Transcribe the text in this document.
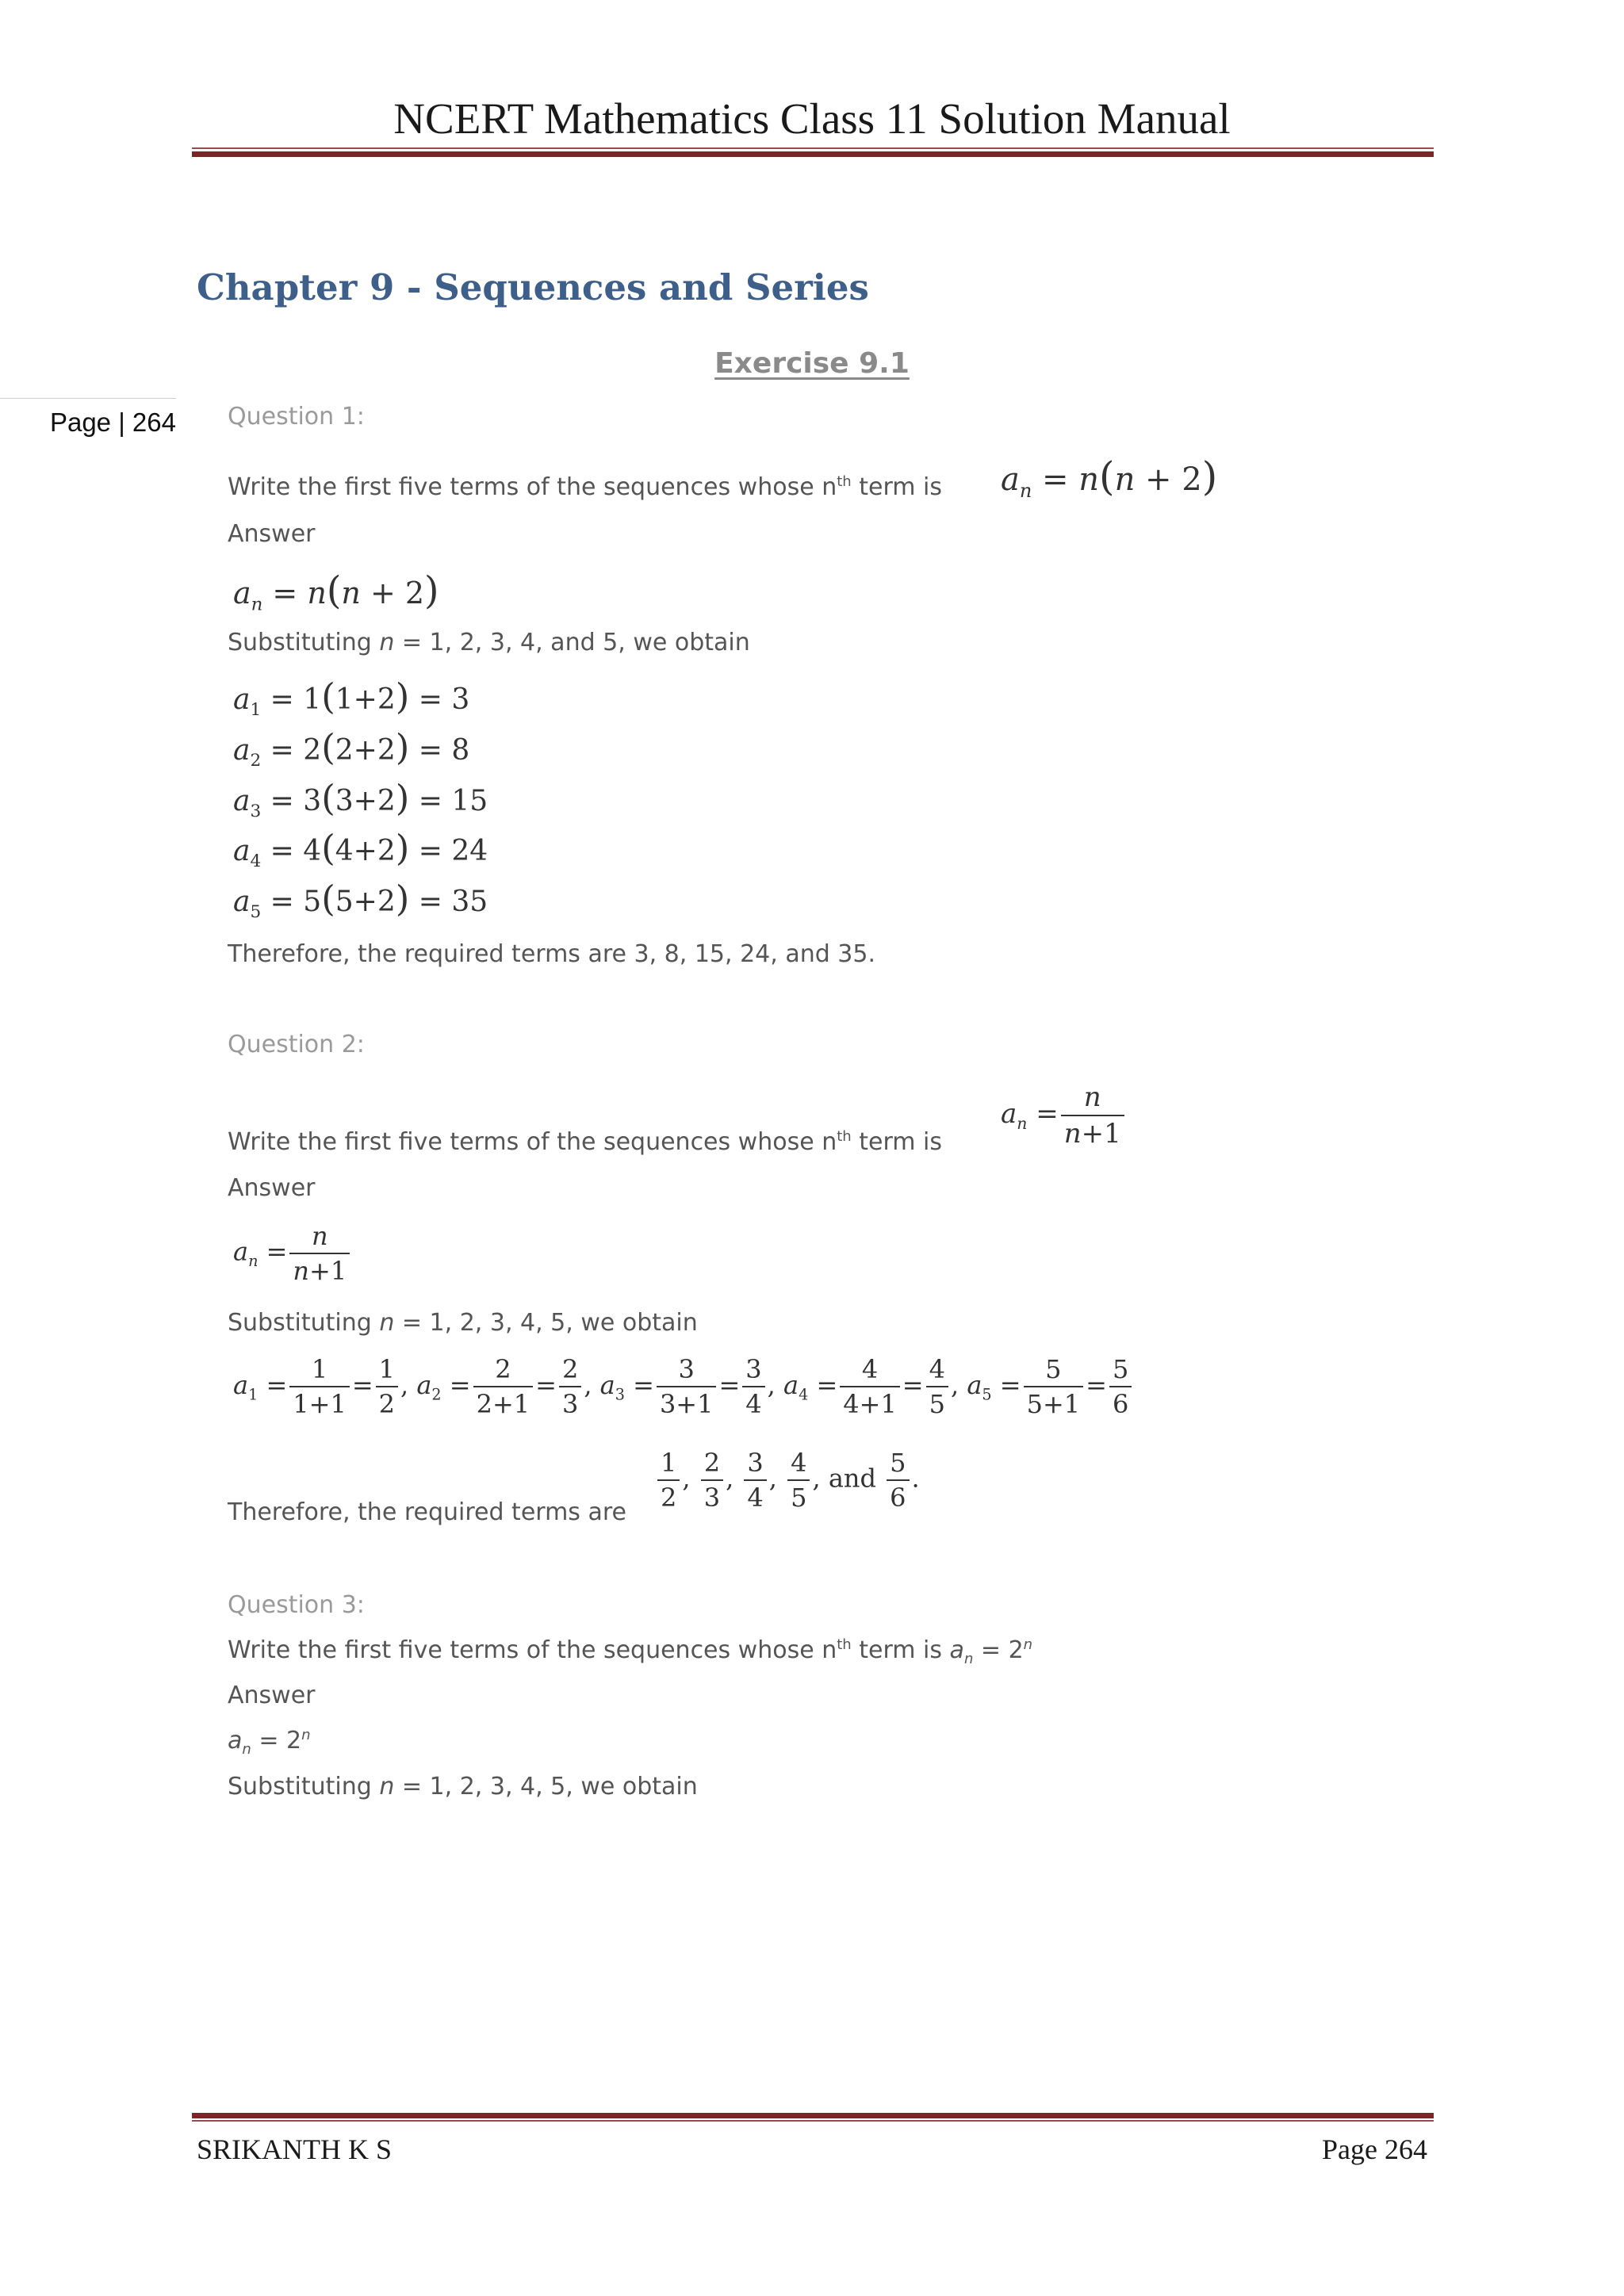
NCERT Mathematics Class 11 Solution Manual
Chapter 9 - Sequences and Series
Page | 264
Exercise 9.1
Question 1:
Write the first five terms of the sequences whose $n^{th}$ term is $a_n = n(n + 2)$
Answer
$a_n = n(n + 2)$
Substituting n = 1, 2, 3, 4, and 5, we obtain
$a_1 = 1(1+2) = 3$
$a_2 = 2(2+2) = 8$
$a_3 = 3(3+2) = 15$
$a_4 = 4(4+2) = 24$
$a_5 = 5(5+2) = 35$
Therefore, the required terms are 3, 8, 15, 24, and 35.
Question 2:
Write the first five terms of the sequences whose $n^{th}$ term is
$a_n = \frac{n}{n+1}$
Answer
$a_n = \frac{n}{n+1}$
Substituting n = 1, 2, 3, 4, 5, we obtain
$a_1 = \frac{1}{1+1} = \frac{1}{2}$ , $a_2 = \frac{2}{2+1} = \frac{2}{3}$ , $a_3 = \frac{3}{3+1} = \frac{3}{4}$ , $a_4 = \frac{4}{4+1} = \frac{4}{5}$ , $a_5 = \frac{5}{5+1} = \frac{5}{6}$
Therefore, the required terms are $\frac{1}{2}$ , $\frac{2}{3}$ , $\frac{3}{4}$ , $\frac{4}{5}$ , and $\frac{5}{6}$ .
Question 3:
Write the first five terms of the sequences whose $n^{th}$ term is $a_n = 2^n$
Answer
$a_n = 2^n$
Substituting n = 1, 2, 3, 4, 5, we obtain
SRIKANTH K S	Page 264
